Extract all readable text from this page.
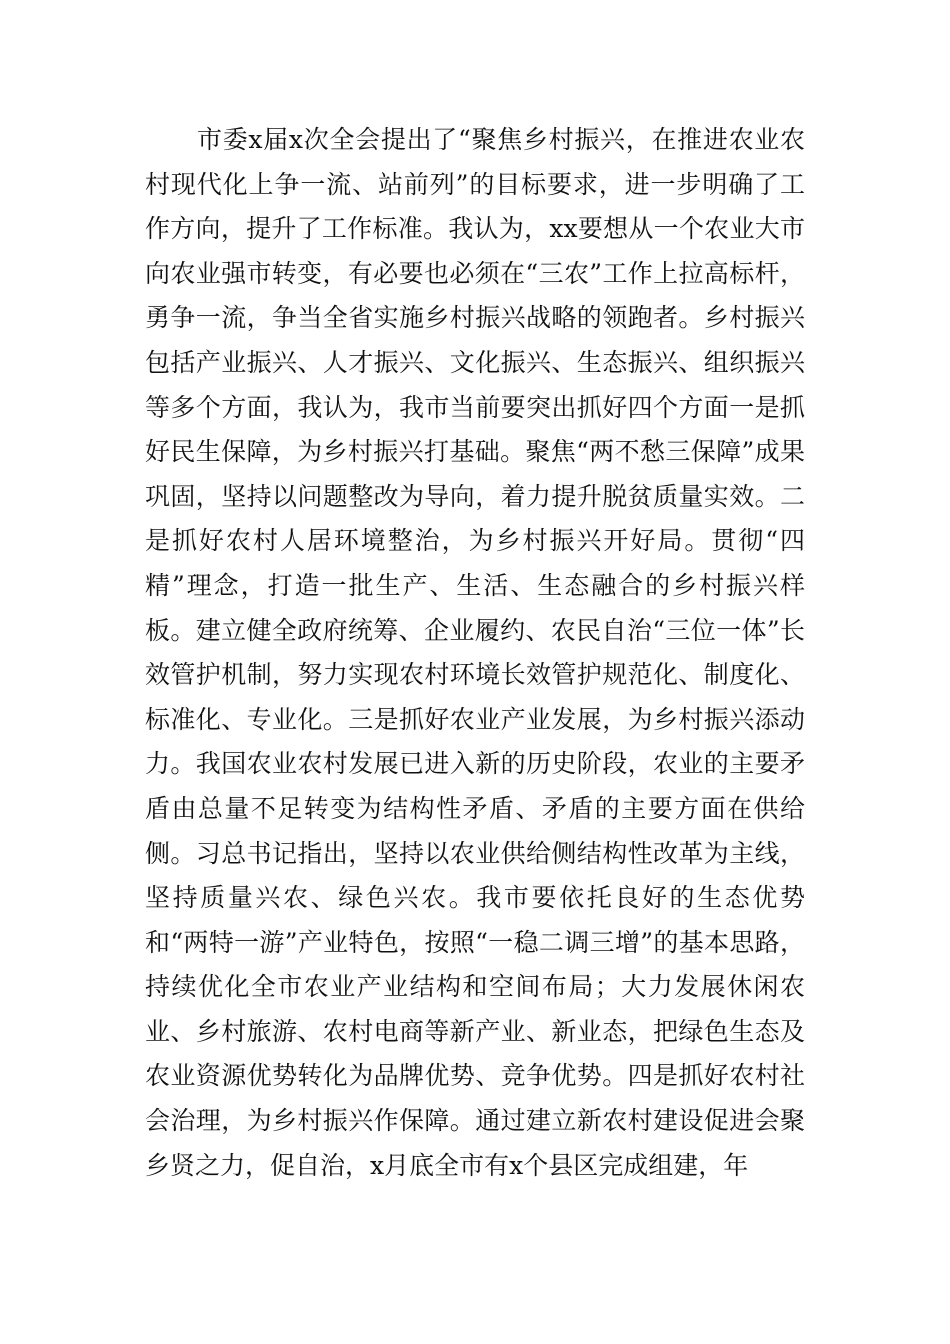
市委x届x次全会提出了“聚焦乡村振兴，在推进农业农村现代化上争一流、站前列”的目标要求，进一步明确了工作方向，提升了工作标准。我认为，xx要想从一个农业大市向农业强市转变，有必要也必须在“三农”工作上拉高标杆，勇争一流，争当全省实施乡村振兴战略的领跑者。乡村振兴包括产业振兴、人才振兴、文化振兴、生态振兴、组织振兴等多个方面，我认为，我市当前要突出抓好四个方面一是抓好民生保障，为乡村振兴打基础。聚焦“两不愁三保障”成果巩固，坚持以问题整改为导向，着力提升脱贫质量实效。二是抓好农村人居环境整治，为乡村振兴开好局。贯彻“四精”理念，打造一批生产、生活、生态融合的乡村振兴样板。建立健全政府统筹、企业履约、农民自治“三位一体”长效管护机制，努力实现农村环境长效管护规范化、制度化、标准化、专业化。三是抓好农业产业发展，为乡村振兴添动力。我国农业农村发展已进入新的历史阶段，农业的主要矛盾由总量不足转变为结构性矛盾、矛盾的主要方面在供给侧。习总书记指出，坚持以农业供给侧结构性改革为主线，坚持质量兴农、绿色兴农。我市要依托良好的生态优势和“两特一游”产业特色，按照“一稳二调三增”的基本思路，持续优化全市农业产业结构和空间布局；大力发展休闲农业、乡村旅游、农村电商等新产业、新业态，把绿色生态及农业资源优势转化为品牌优势、竞争优势。四是抓好农村社会治理，为乡村振兴作保障。通过建立新农村建设促进会聚乡贤之力，促自治，x月底全市有x个县区完成组建，年
